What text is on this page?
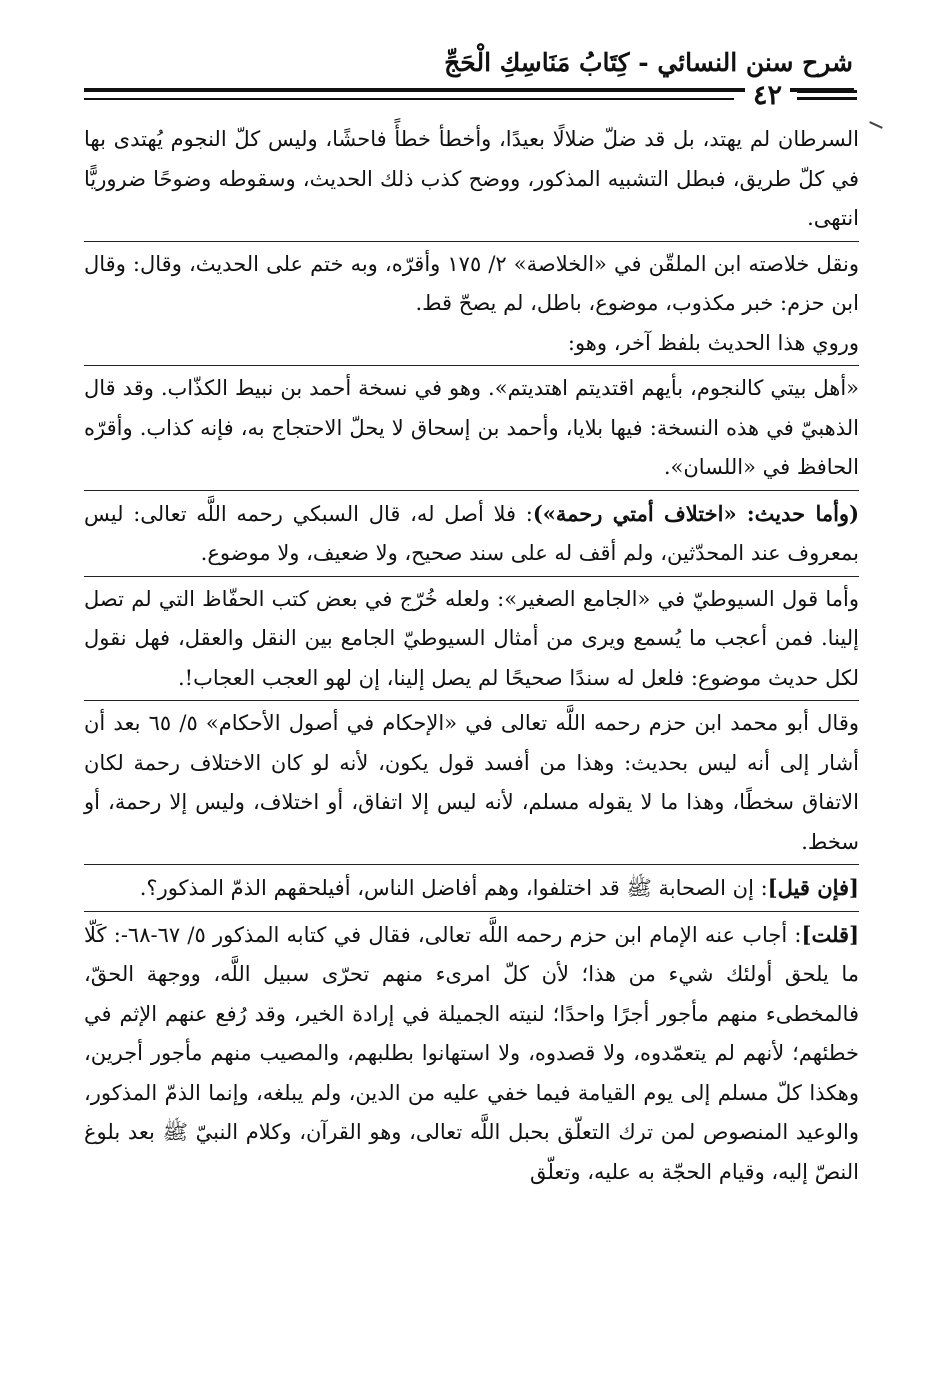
شرح سنن النسائي - كِتَابُ مَنَاسِكِ الْحَجِّ
٤٢

السرطان لم يهتد، بل قد ضلّ ضلالًا بعيدًا، وأخطأ خطأً فاحشًا، وليس كلّ النجوم يُهتدى بها في كلّ طريق، فبطل التشبيه المذكور، ووضح كذب ذلك الحديث، وسقوطه وضوحًا ضروريًّا انتهى.

ونقل خلاصته ابن الملقّن في «الخلاصة» ٢/ ١٧٥ وأقرّه، وبه ختم على الحديث، وقال: وقال ابن حزم: خبر مكذوب، موضوع، باطل، لم يصحّ قط.

وروي هذا الحديث بلفظ آخر، وهو:

«أهل بيتي كالنجوم، بأيهم اقتديتم اهتديتم». وهو في نسخة أحمد بن نبيط الكذّاب. وقد قال الذهبيّ في هذه النسخة: فيها بلايا، وأحمد بن إسحاق لا يحلّ الاحتجاج به، فإنه كذاب. وأقرّه الحافظ في «اللسان».

(وأما حديث: «اختلاف أمتي رحمة»): فلا أصل له، قال السبكي رحمه اللَّه تعالى: ليس بمعروف عند المحدّثين، ولم أقف له على سند صحيح، ولا ضعيف، ولا موضوع.

وأما قول السيوطيّ في «الجامع الصغير»: ولعله خُرّج في بعض كتب الحفّاظ التي لم تصل إلينا. فمن أعجب ما يُسمع ويرى من أمثال السيوطيّ الجامع بين النقل والعقل، فهل نقول لكل حديث موضوع: فلعل له سندًا صحيحًا لم يصل إلينا، إن لهو العجب العجاب!.

وقال أبو محمد ابن حزم رحمه اللَّه تعالى في «الإحكام في أصول الأحكام» ٥/ ٦٥ بعد أن أشار إلى أنه ليس بحديث: وهذا من أفسد قول يكون، لأنه لو كان الاختلاف رحمة لكان الاتفاق سخطًا، وهذا ما لا يقوله مسلم، لأنه ليس إلا اتفاق، أو اختلاف، وليس إلا رحمة، أو سخط.

[فإن قيل]: إن الصحابة ﷺ قد اختلفوا، وهم أفاضل الناس، أفيلحقهم الذمّ المذكور؟.

[قلت]: أجاب عنه الإمام ابن حزم رحمه اللَّه تعالى، فقال في كتابه المذكور ٥/ ٦٧-٦٨-: كَلّا ما يلحق أولئك شيء من هذا؛ لأن كلّ امرىء منهم تحرّى سبيل اللَّه، ووجهة الحقّ، فالمخطىء منهم مأجور أجرًا واحدًا؛ لنيته الجميلة في إرادة الخير، وقد رُفع عنهم الإثم في خطئهم؛ لأنهم لم يتعمّدوه، ولا قصدوه، ولا استهانوا بطلبهم، والمصيب منهم مأجور أجرين، وهكذا كلّ مسلم إلى يوم القيامة فيما خفي عليه من الدين، ولم يبلغه، وإنما الذمّ المذكور، والوعيد المنصوص لمن ترك التعلّق بحبل اللَّه تعالى، وهو القرآن، وكلام النبيّ ﷺ بعد بلوغ النصّ إليه، وقيام الحجّة به عليه، وتعلّق
